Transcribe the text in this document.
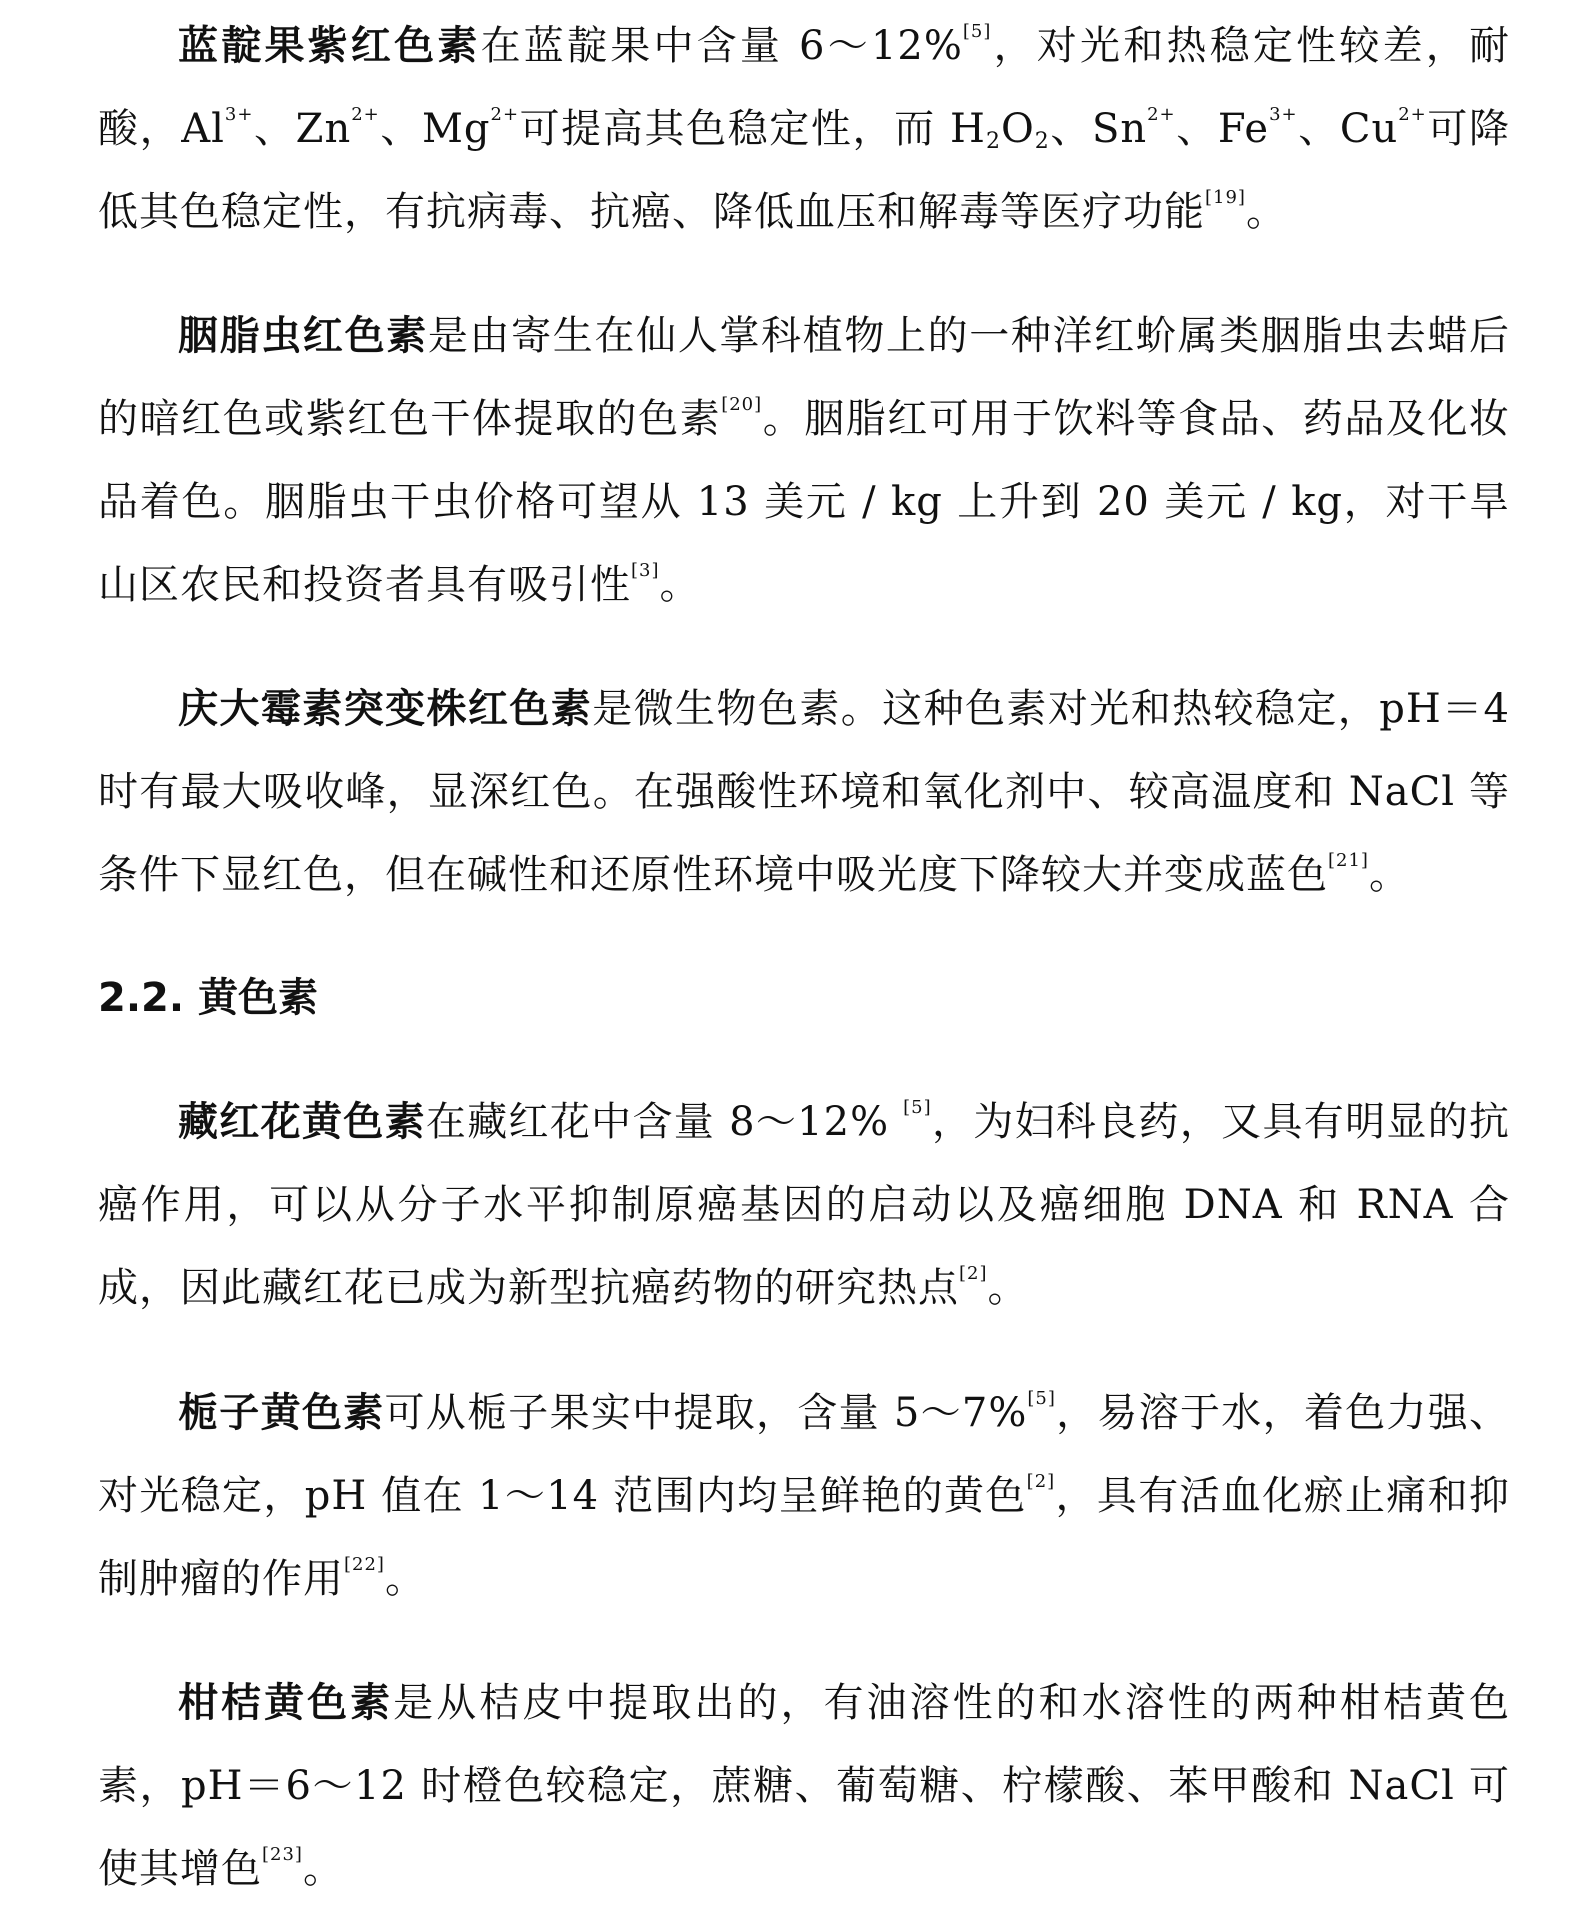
蓝靛果紫红色素在蓝靛果中含量 6～12%[5]，对光和热稳定性较差，耐酸，$Al^{3+}$、$Zn^{2+}$、$Mg^{2+}$可提高其色稳定性，而 $H_2O_2$、$Sn^{2+}$、$Fe^{3+}$、$Cu^{2+}$可降低其色稳定性，有抗病毒、抗癌、降低血压和解毒等医疗功能[19]。

胭脂虫红色素是由寄生在仙人掌科植物上的一种洋红蚧属类胭脂虫去蜡后的暗红色或紫红色干体提取的色素[20]。胭脂红可用于饮料等食品、药品及化妆品着色。胭脂虫干虫价格可望从 13 美元 / kg 上升到 20 美元 / kg，对干旱山区农民和投资者具有吸引性[3]。

庆大霉素突变株红色素是微生物色素。这种色素对光和热较稳定，pH＝4 时有最大吸收峰，显深红色。在强酸性环境和氧化剂中、较高温度和 NaCl 等条件下显红色，但在碱性和还原性环境中吸光度下降较大并变成蓝色[21]。

2.2. 黄色素

藏红花黄色素在藏红花中含量 8～12% [5]，为妇科良药，又具有明显的抗癌作用，可以从分子水平抑制原癌基因的启动以及癌细胞 DNA 和 RNA 合成，因此藏红花已成为新型抗癌药物的研究热点[2]。

栀子黄色素可从栀子果实中提取，含量 5～7%[5]，易溶于水，着色力强、对光稳定，pH 值在 1～14 范围内均呈鲜艳的黄色[2]，具有活血化瘀止痛和抑制肿瘤的作用[22]。

柑桔黄色素是从桔皮中提取出的，有油溶性的和水溶性的两种柑桔黄色素，pH＝6～12 时橙色较稳定，蔗糖、葡萄糖、柠檬酸、苯甲酸和 NaCl 可使其增色[23]。
